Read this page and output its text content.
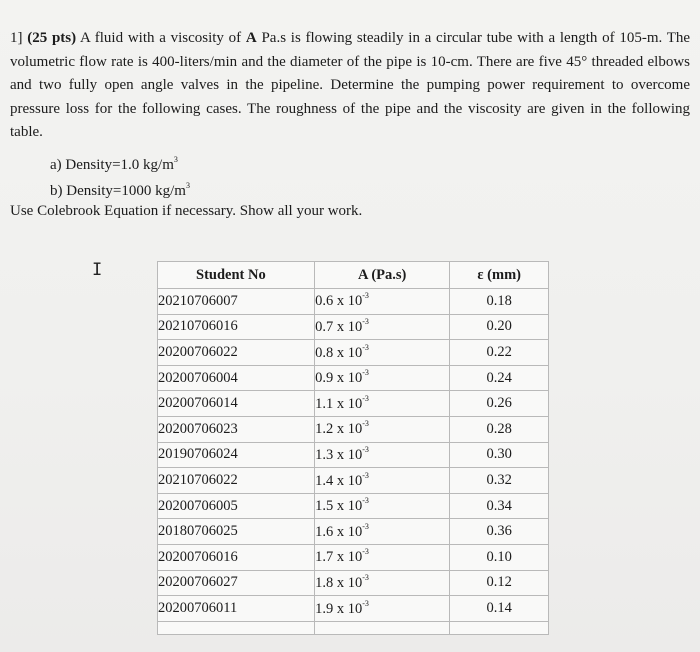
1] (25 pts) A fluid with a viscosity of A Pa.s is flowing steadily in a circular tube with a length of 105-m. The volumetric flow rate is 400-liters/min and the diameter of the pipe is 10-cm. There are five 45° threaded elbows and two fully open angle valves in the pipeline. Determine the pumping power requirement to overcome pressure loss for the following cases. The roughness of the pipe and the viscosity are given in the following table.

a) Density=1.0 $kg/m^3$
b) Density=1000 $kg/m^3$

Use Colebrook Equation if necessary. Show all your work.

I	Student No	A (Pa.s)	ε (mm)
20210706007	0.6 x $10^{-3}$	0.18
20210706016	0.7 x $10^{-3}$	0.20
20200706022	0.8 x $10^{-3}$	0.22
20200706004	0.9 x $10^{-3}$	0.24
20200706014	1.1 x $10^{-3}$	0.26
20200706023	1.2 x $10^{-3}$	0.28
20190706024	1.3 x $10^{-3}$	0.30
20210706022	1.4 x $10^{-3}$	0.32
20200706005	1.5 x $10^{-3}$	0.34
20180706025	1.6 x $10^{-3}$	0.36
20200706016	1.7 x $10^{-3}$	0.10
20200706027	1.8 x $10^{-3}$	0.12
20200706011	1.9 x $10^{-3}$	0.14
